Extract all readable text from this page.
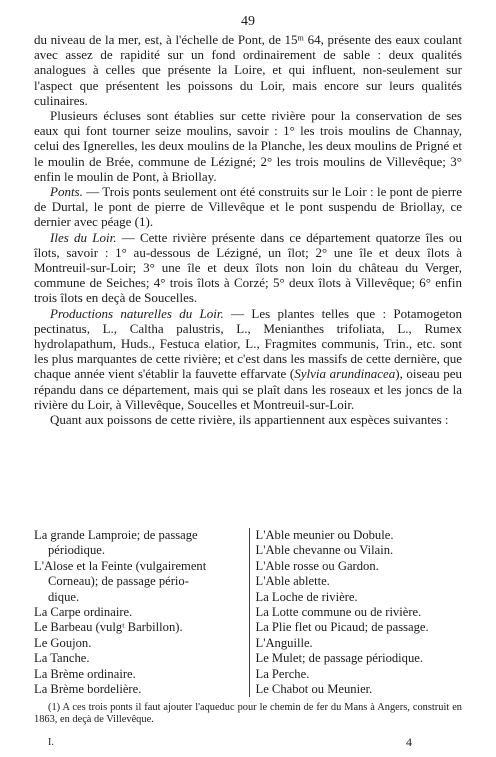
49

du niveau de la mer, est, à l'échelle de Pont, de 15ᵐ 64, présente des eaux coulant avec assez de rapidité sur un fond ordinairement de sable : deux qualités analogues à celles que présente la Loire, et qui influent, non-seulement sur l'aspect que présentent les poissons du Loir, mais encore sur leurs qualités culinaires.

Plusieurs écluses sont établies sur cette rivière pour la conservation de ses eaux qui font tourner seize moulins, savoir : 1° les trois moulins de Channay, celui des Ignerelles, les deux moulins de la Planche, les deux moulins de Prigné et le moulin de Brée, commune de Lézigné; 2° les trois moulins de Villevêque; 3° enfin le moulin de Pont, à Briollay.

Ponts. — Trois ponts seulement ont été construits sur le Loir : le pont de pierre de Durtal, le pont de pierre de Villevêque et le pont suspendu de Briollay, ce dernier avec péage (1).

Iles du Loir. — Cette rivière présente dans ce département quatorze îles ou îlots, savoir : 1° au-dessous de Lézigné, un îlot; 2° une île et deux îlots à Montreuil-sur-Loir; 3° une île et deux îlots non loin du château du Verger, commune de Seiches; 4° trois îlots à Corzé; 5° deux îlots à Villevêque; 6° enfin trois îlots en deçà de Soucelles.

Productions naturelles du Loir. — Les plantes telles que : Potamogeton pectinatus, L., Caltha palustris, L., Menianthes trifoliata, L., Rumex hydrolapathum, Huds., Festuca elatior, L., Fragmites communis, Trin., etc. sont les plus marquantes de cette rivière; et c'est dans les massifs de cette dernière, que chaque année vient s'établir la fauvette effarvate (Sylvia arundinacea), oiseau peu répandu dans ce département, mais qui se plaît dans les roseaux et les joncs de la rivière du Loir, à Villevêque, Soucelles et Montreuil-sur-Loir.

Quant aux poissons de cette rivière, ils appartiennent aux espèces suivantes :

La grande Lamproie; de passage
périodique.
L'Alose et la Feinte (vulgairement
Corneau); de passage pério-
dique.
La Carpe ordinaire.
Le Barbeau (vulgᵗ Barbillon).
Le Goujon.
La Tanche.
La Brème ordinaire.
La Brème bordelière.
L'Able meunier ou Dobule.
L'Able chevanne ou Vilain.
L'Able rosse ou Gardon.
L'Able ablette.
La Loche de rivière.
La Lotte commune ou de rivière.
La Plie flet ou Picaud; de passage.
L'Anguille.
Le Mulet; de passage périodique.
La Perche.
Le Chabot ou Meunier.
(1) A ces trois ponts il faut ajouter l'aqueduc pour le chemin de fer du Mans à Angers, construit en 1863, en deçà de Villevêque.
I.	4
